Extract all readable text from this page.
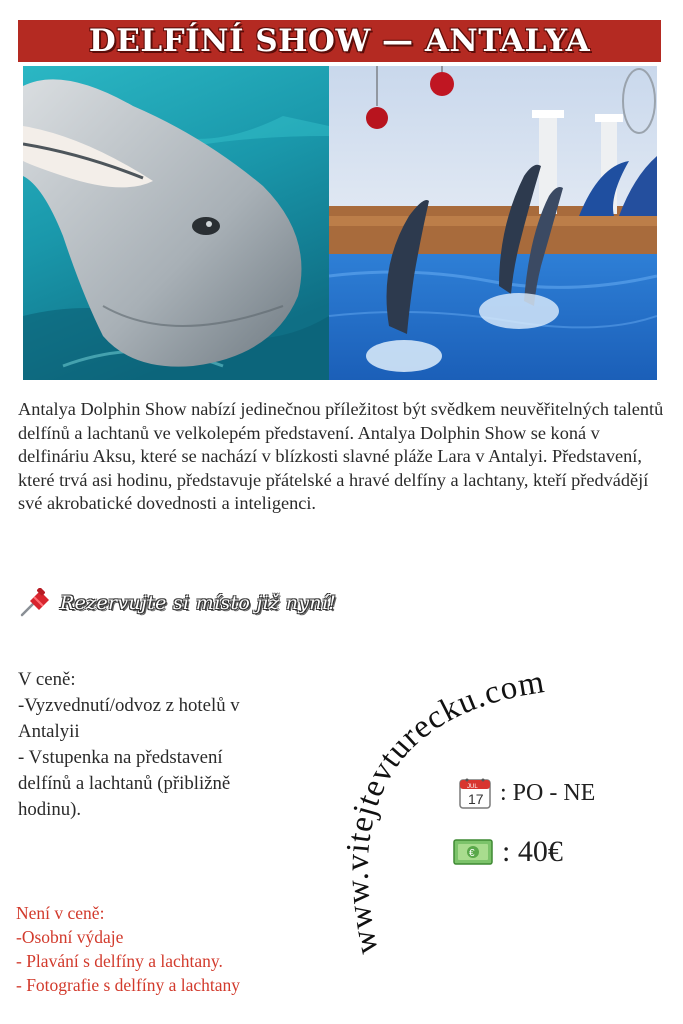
DELFÍNÍ SHOW — ANTALYA

Antalya Dolphin Show nabízí jedinečnou příležitost být svědkem neuvěřitelných talentů delfínů a lachtanů ve velkolepém představení. Antalya Dolphin Show se koná v delfináriu Aksu, které se nachází v blízkosti slavné pláže Lara v Antalyi. Představení, které trvá asi hodinu, představuje přátelské a hravé delfíny a lachtany, kteří předvádějí své akrobatické dovednosti a inteligenci.

Rezervujte si místo již nyní!
V ceně:
-Vyzvednutí/odvoz z hotelů v
Antalyii
- Vstupenka na představení
delfínů a lachtanů (přibližně
hodinu).
Není v ceně:
-Osobní výdaje
- Plavání s delfíny a lachtany.
- Fotografie s delfíny a lachtany
www.vitejtevturecku.com
JUL
17 : PO - NE
€ : 40€
